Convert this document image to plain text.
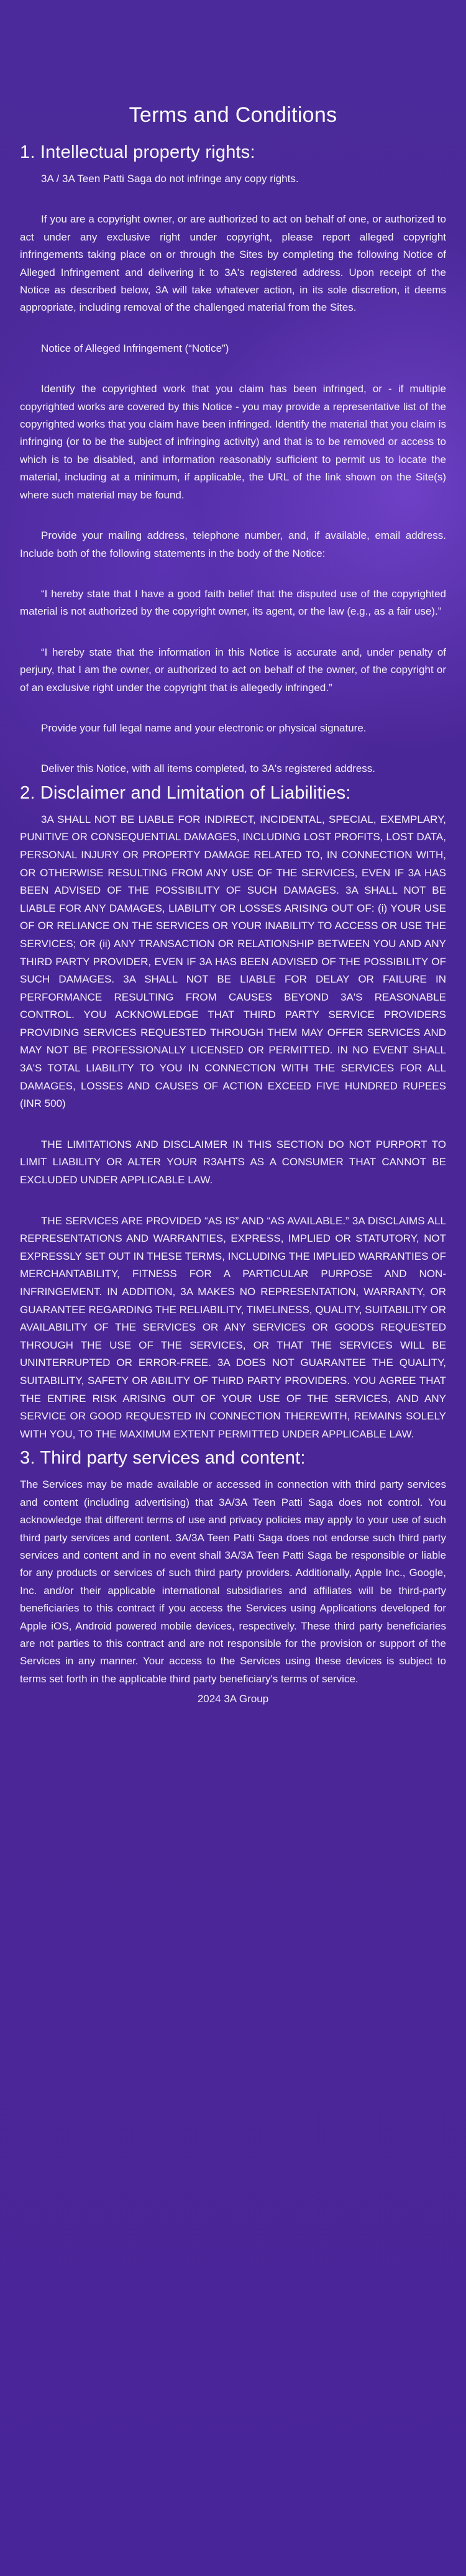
Terms and Conditions
1. Intellectual property rights:

3A / 3A Teen Patti Saga do not infringe any copy rights.

If you are a copyright owner, or are authorized to act on behalf of one, or authorized to act under any exclusive right under copyright, please report alleged copyright infringements taking place on or through the Sites by completing the following Notice of Alleged Infringement and delivering it to 3A's registered address. Upon receipt of the Notice as described below, 3A will take whatever action, in its sole discretion, it deems appropriate, including removal of the challenged material from the Sites.

Notice of Alleged Infringement (“Notice”)

Identify the copyrighted work that you claim has been infringed, or - if multiple copyrighted works are covered by this Notice - you may provide a representative list of the copyrighted works that you claim have been infringed. Identify the material that you claim is infringing (or to be the subject of infringing activity) and that is to be removed or access to which is to be disabled, and information reasonably sufficient to permit us to locate the material, including at a minimum, if applicable, the URL of the link shown on the Site(s) where such material may be found.

Provide your mailing address, telephone number, and, if available, email address. Include both of the following statements in the body of the Notice:

“I hereby state that I have a good faith belief that the disputed use of the copyrighted material is not authorized by the copyright owner, its agent, or the law (e.g., as a fair use).”

“I hereby state that the information in this Notice is accurate and, under penalty of perjury, that I am the owner, or authorized to act on behalf of the owner, of the copyright or of an exclusive right under the copyright that is allegedly infringed.”

Provide your full legal name and your electronic or physical signature.

Deliver this Notice, with all items completed, to 3A's registered address.

2. Disclaimer and Limitation of Liabilities:

3A SHALL NOT BE LIABLE FOR INDIRECT, INCIDENTAL, SPECIAL, EXEMPLARY, PUNITIVE OR CONSEQUENTIAL DAMAGES, INCLUDING LOST PROFITS, LOST DATA, PERSONAL INJURY OR PROPERTY DAMAGE RELATED TO, IN CONNECTION WITH, OR OTHERWISE RESULTING FROM ANY USE OF THE SERVICES, EVEN IF 3A HAS BEEN ADVISED OF THE POSSIBILITY OF SUCH DAMAGES. 3A SHALL NOT BE LIABLE FOR ANY DAMAGES, LIABILITY OR LOSSES ARISING OUT OF: (i) YOUR USE OF OR RELIANCE ON THE SERVICES OR YOUR INABILITY TO ACCESS OR USE THE SERVICES; OR (ii) ANY TRANSACTION OR RELATIONSHIP BETWEEN YOU AND ANY THIRD PARTY PROVIDER, EVEN IF 3A HAS BEEN ADVISED OF THE POSSIBILITY OF SUCH DAMAGES. 3A SHALL NOT BE LIABLE FOR DELAY OR FAILURE IN PERFORMANCE RESULTING FROM CAUSES BEYOND 3A'S REASONABLE CONTROL. YOU ACKNOWLEDGE THAT THIRD PARTY SERVICE PROVIDERS PROVIDING SERVICES REQUESTED THROUGH THEM MAY OFFER SERVICES AND MAY NOT BE PROFESSIONALLY LICENSED OR PERMITTED. IN NO EVENT SHALL 3A'S TOTAL LIABILITY TO YOU IN CONNECTION WITH THE SERVICES FOR ALL DAMAGES, LOSSES AND CAUSES OF ACTION EXCEED FIVE HUNDRED RUPEES (INR 500)

THE LIMITATIONS AND DISCLAIMER IN THIS SECTION DO NOT PURPORT TO LIMIT LIABILITY OR ALTER YOUR R3AHTS AS A CONSUMER THAT CANNOT BE EXCLUDED UNDER APPLICABLE LAW.

THE SERVICES ARE PROVIDED “AS IS” AND “AS AVAILABLE.” 3A DISCLAIMS ALL REPRESENTATIONS AND WARRANTIES, EXPRESS, IMPLIED OR STATUTORY, NOT EXPRESSLY SET OUT IN THESE TERMS, INCLUDING THE IMPLIED WARRANTIES OF MERCHANTABILITY, FITNESS FOR A PARTICULAR PURPOSE AND NON-INFRINGEMENT. IN ADDITION, 3A MAKES NO REPRESENTATION, WARRANTY, OR GUARANTEE REGARDING THE RELIABILITY, TIMELINESS, QUALITY, SUITABILITY OR AVAILABILITY OF THE SERVICES OR ANY SERVICES OR GOODS REQUESTED THROUGH THE USE OF THE SERVICES, OR THAT THE SERVICES WILL BE UNINTERRUPTED OR ERROR-FREE. 3A DOES NOT GUARANTEE THE QUALITY, SUITABILITY, SAFETY OR ABILITY OF THIRD PARTY PROVIDERS. YOU AGREE THAT THE ENTIRE RISK ARISING OUT OF YOUR USE OF THE SERVICES, AND ANY SERVICE OR GOOD REQUESTED IN CONNECTION THEREWITH, REMAINS SOLELY WITH YOU, TO THE MAXIMUM EXTENT PERMITTED UNDER APPLICABLE LAW.

3. Third party services and content:

The Services may be made available or accessed in connection with third party services and content (including advertising) that 3A/3A Teen Patti Saga does not control. You acknowledge that different terms of use and privacy policies may apply to your use of such third party services and content. 3A/3A Teen Patti Saga does not endorse such third party services and content and in no event shall 3A/3A Teen Patti Saga be responsible or liable for any products or services of such third party providers. Additionally, Apple Inc., Google, Inc. and/or their applicable international subsidiaries and affiliates will be third-party beneficiaries to this contract if you access the Services using Applications developed for Apple iOS, Android powered mobile devices, respectively. These third party beneficiaries are not parties to this contract and are not responsible for the provision or support of the Services in any manner. Your access to the Services using these devices is subject to terms set forth in the applicable third party beneficiary's terms of service.

2024 3A Group
